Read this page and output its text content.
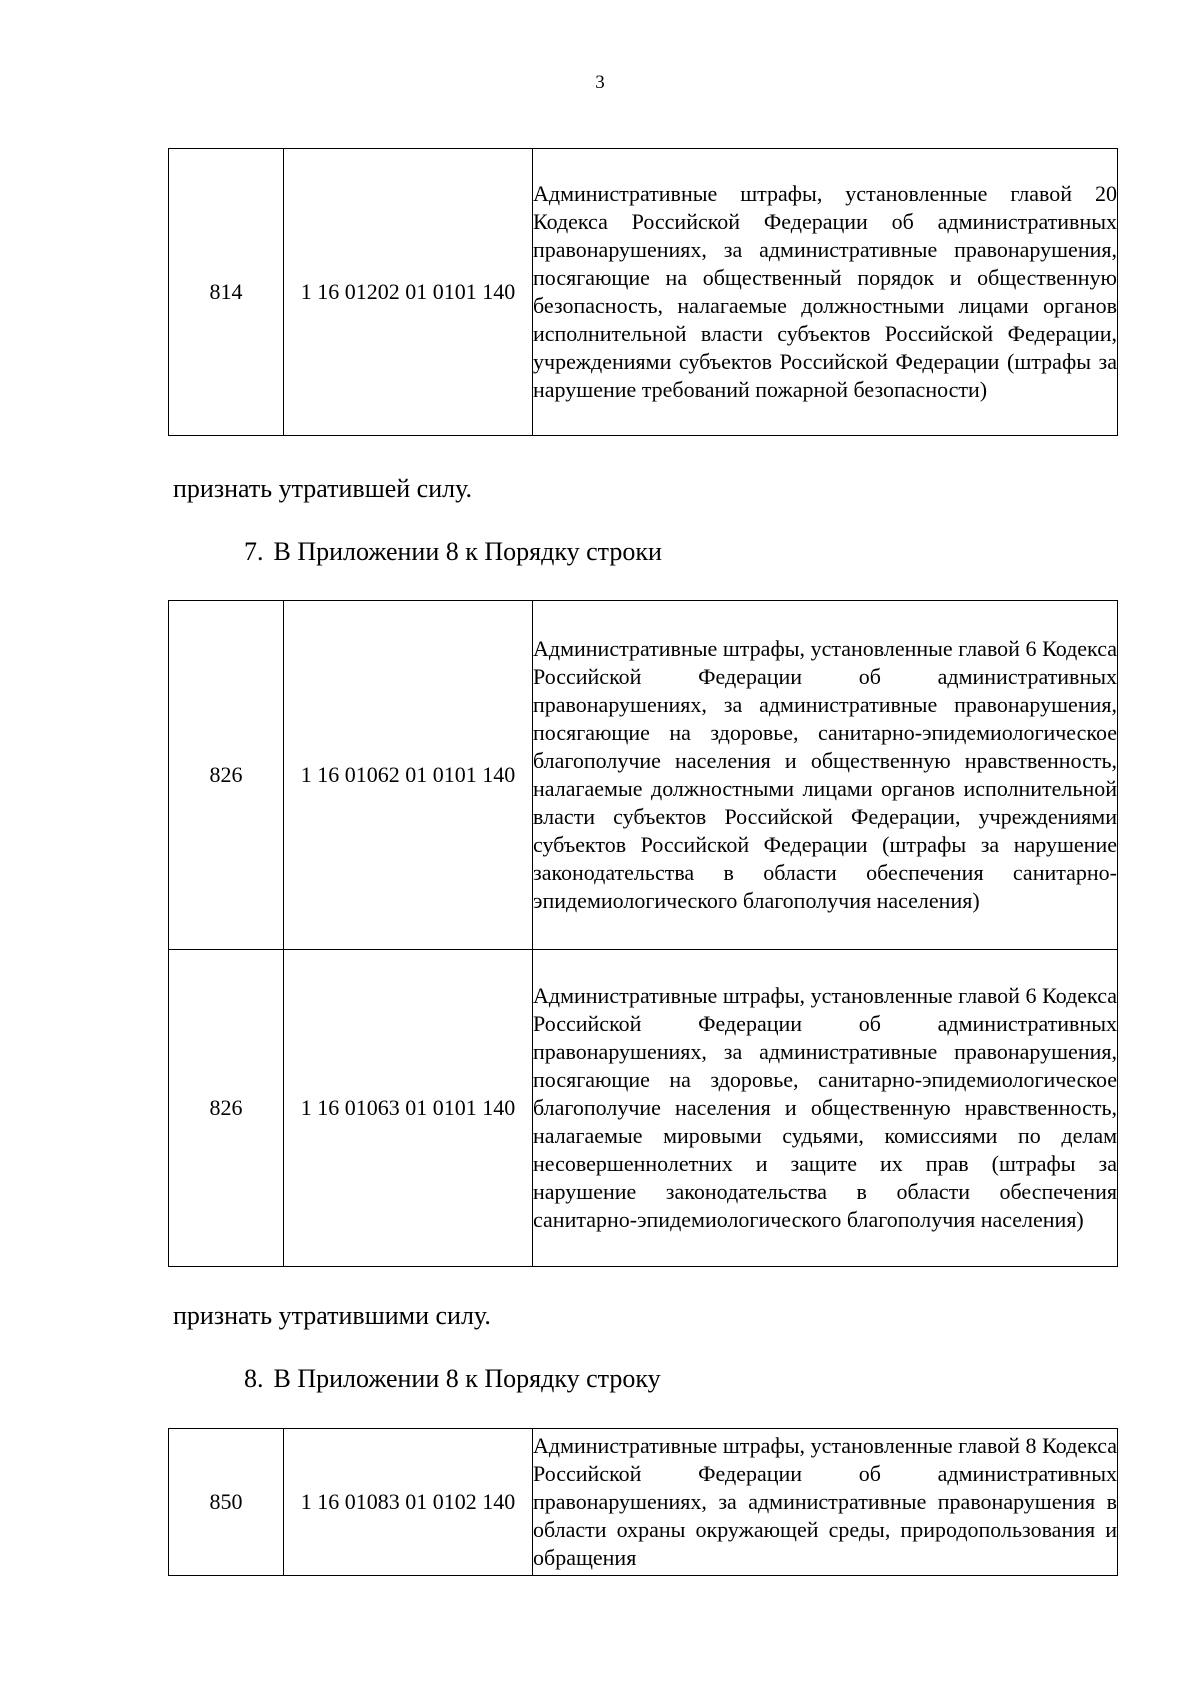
3
814	1 16 01202 01 0101 140	Административные штрафы, установленные главой 20 Кодекса Российской Федерации об административных правонарушениях, за административные правонарушения, посягающие на общественный порядок и общественную безопасность, налагаемые должностными лицами органов исполнительной власти субъектов Российской Федерации, учреждениями субъектов Российской Федерации (штрафы за нарушение требований пожарной безопасности)
признать утратившей силу.
7. В Приложении 8 к Порядку строки
826	1 16 01062 01 0101 140	Административные штрафы, установленные главой 6 Кодекса Российской Федерации об административных правонарушениях, за административные правонарушения, посягающие на здоровье, санитарно-эпидемиологическое благополучие населения и общественную нравственность, налагаемые должностными лицами органов исполнительной власти субъектов Российской Федерации, учреждениями субъектов Российской Федерации (штрафы за нарушение законодательства в области обеспечения санитарно-эпидемиологического благополучия населения)
826	1 16 01063 01 0101 140	Административные штрафы, установленные главой 6 Кодекса Российской Федерации об административных правонарушениях, за административные правонарушения, посягающие на здоровье, санитарно-эпидемиологическое благополучие населения и общественную нравственность, налагаемые мировыми судьями, комиссиями по делам несовершеннолетних и защите их прав (штрафы за нарушение законодательства в области обеспечения санитарно-эпидемиологического благополучия населения)
признать утратившими силу.
8. В Приложении 8 к Порядку строку
850	1 16 01083 01 0102 140	Административные штрафы, установленные главой 8 Кодекса Российской Федерации об административных правонарушениях, за административные правонарушения в области охраны окружающей среды, природопользования и обращения
